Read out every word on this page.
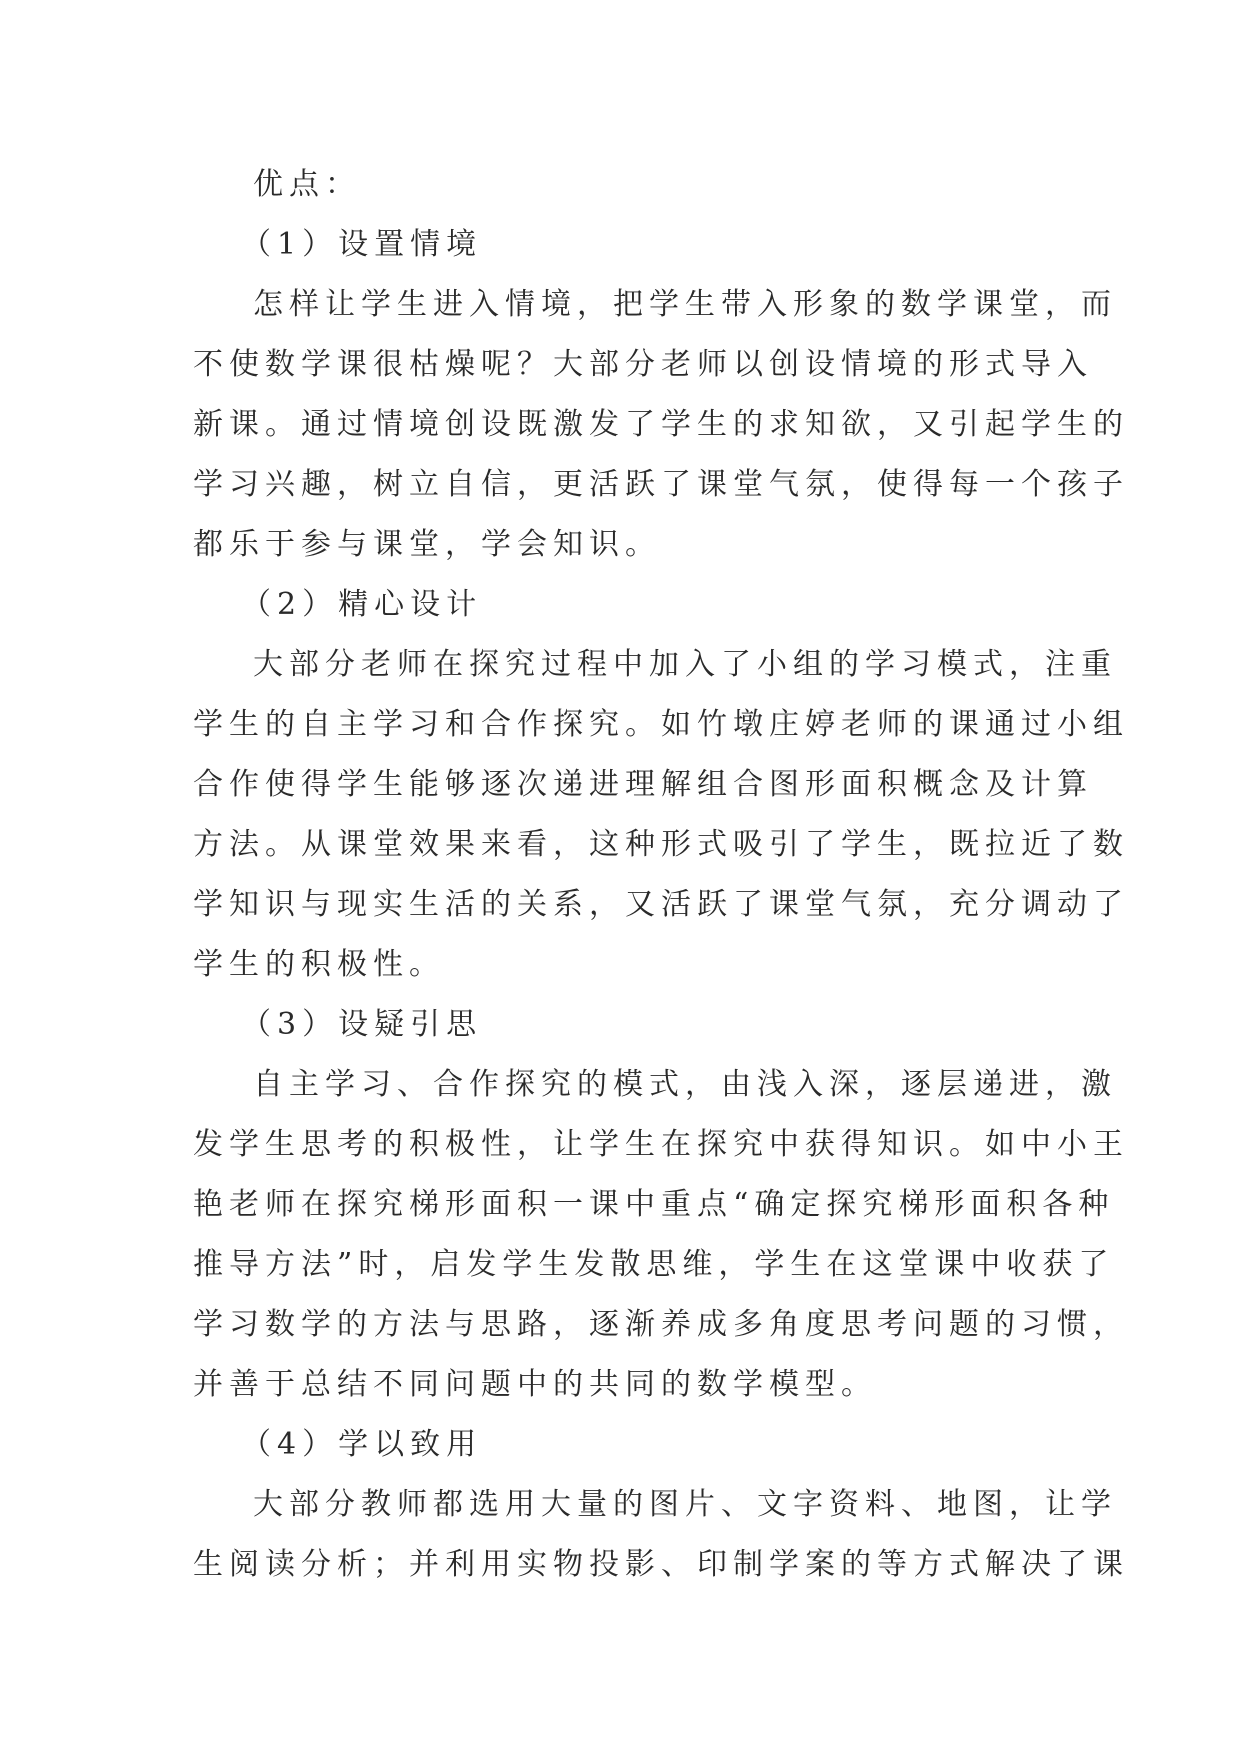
优点：

（1）设置情境

怎样让学生进入情境，把学生带入形象的数学课堂，而
不使数学课很枯燥呢？大部分老师以创设情境的形式导入
新课。通过情境创设既激发了学生的求知欲，又引起学生的
学习兴趣，树立自信，更活跃了课堂气氛，使得每一个孩子
都乐于参与课堂，学会知识。

（2）精心设计

大部分老师在探究过程中加入了小组的学习模式，注重
学生的自主学习和合作探究。如竹墩庄婷老师的课通过小组
合作使得学生能够逐次递进理解组合图形面积概念及计算
方法。从课堂效果来看，这种形式吸引了学生，既拉近了数
学知识与现实生活的关系，又活跃了课堂气氛，充分调动了
学生的积极性。

（3）设疑引思

自主学习、合作探究的模式，由浅入深，逐层递进，激
发学生思考的积极性，让学生在探究中获得知识。如中小王
艳老师在探究梯形面积一课中重点“确定探究梯形面积各种
推导方法”时，启发学生发散思维，学生在这堂课中收获了
学习数学的方法与思路，逐渐养成多角度思考问题的习惯，
并善于总结不同问题中的共同的数学模型。

（4）学以致用

大部分教师都选用大量的图片、文字资料、地图，让学
生阅读分析；并利用实物投影、印制学案的等方式解决了课
